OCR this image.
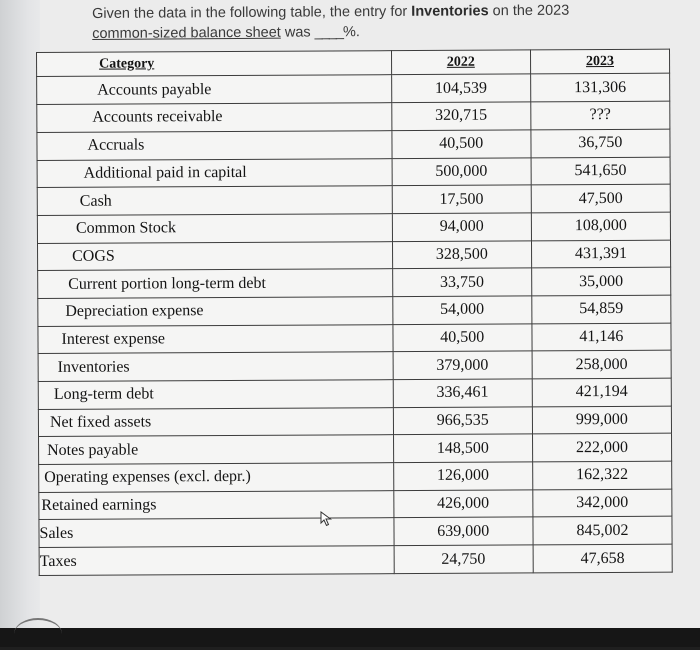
Given the data in the following table, the entry for Inventories on the 2023
common-sized balance sheet was ____%.
Category	2022	2023
Accounts payable	104,539	131,306
Accounts receivable	320,715	???
Accruals	40,500	36,750
Additional paid in capital	500,000	541,650
Cash	17,500	47,500
Common Stock	94,000	108,000
COGS	328,500	431,391
Current portion long-term debt	33,750	35,000
Depreciation expense	54,000	54,859
Interest expense	40,500	41,146
Inventories	379,000	258,000
Long-term debt	336,461	421,194
Net fixed assets	966,535	999,000
Notes payable	148,500	222,000
Operating expenses (excl. depr.)	126,000	162,322
Retained earnings	426,000	342,000
Sales	639,000	845,002
Taxes	24,750	47,658
